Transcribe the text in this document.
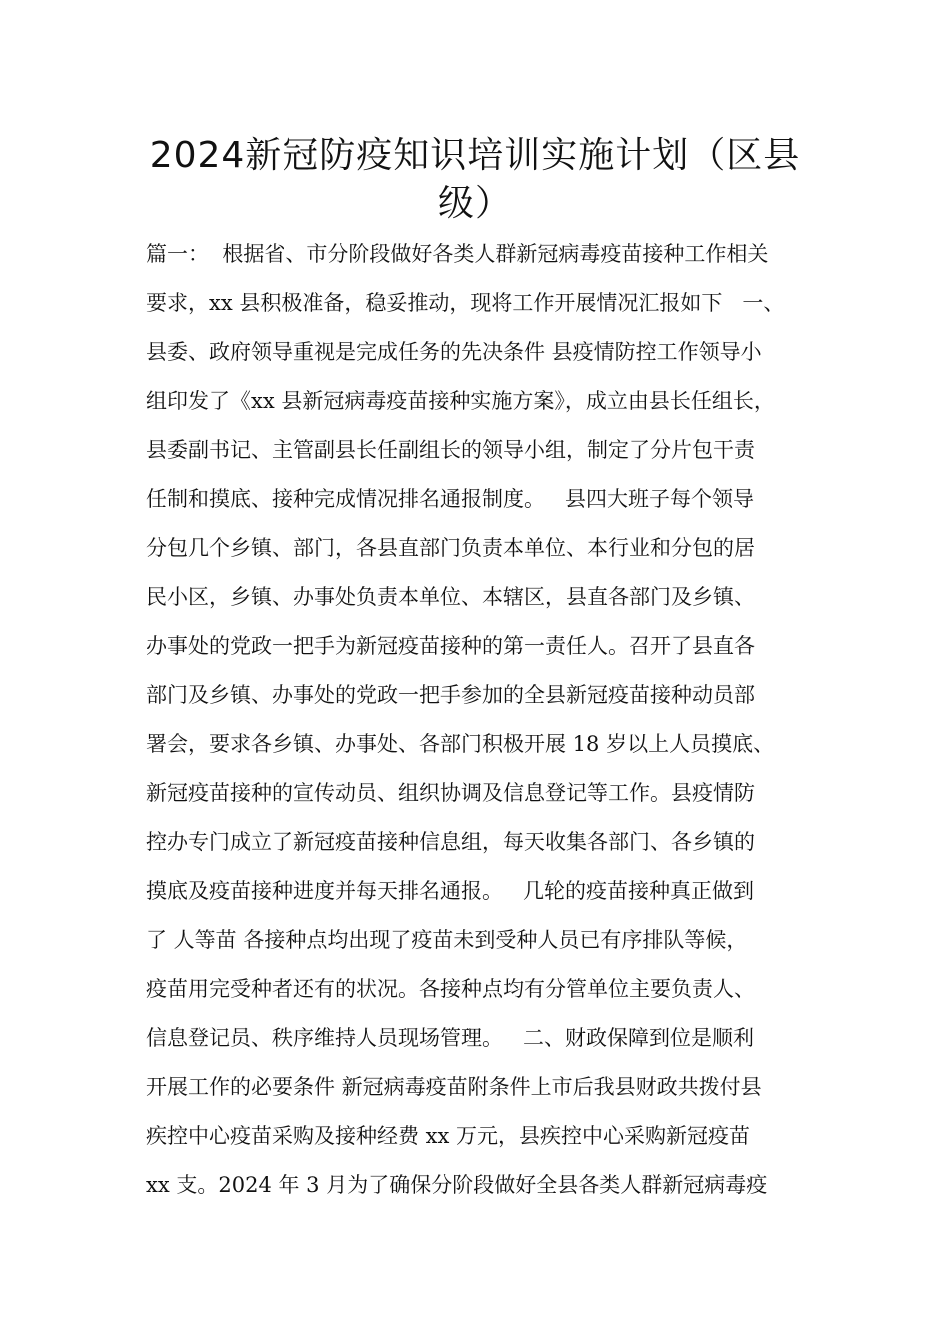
2024新冠防疫知识培训实施计划（区县
级）
篇一：  根据省、市分阶段做好各类人群新冠病毒疫苗接种工作相关
要求，xx 县积极准备，稳妥推动，现将工作开展情况汇报如下   一、
县委、政府领导重视是完成任务的先决条件 县疫情防控工作领导小
组印发了《xx 县新冠病毒疫苗接种实施方案》，成立由县长任组长，
县委副书记、主管副县长任副组长的领导小组，制定了分片包干责
任制和摸底、接种完成情况排名通报制度。   县四大班子每个领导
分包几个乡镇、部门，各县直部门负责本单位、本行业和分包的居
民小区，乡镇、办事处负责本单位、本辖区，县直各部门及乡镇、
办事处的党政一把手为新冠疫苗接种的第一责任人。召开了县直各
部门及乡镇、办事处的党政一把手参加的全县新冠疫苗接种动员部
署会，要求各乡镇、办事处、各部门积极开展 18 岁以上人员摸底、
新冠疫苗接种的宣传动员、组织协调及信息登记等工作。县疫情防
控办专门成立了新冠疫苗接种信息组，每天收集各部门、各乡镇的
摸底及疫苗接种进度并每天排名通报。   几轮的疫苗接种真正做到
了 人等苗 各接种点均出现了疫苗未到受种人员已有序排队等候，
疫苗用完受种者还有的状况。各接种点均有分管单位主要负责人、
信息登记员、秩序维持人员现场管理。   二、财政保障到位是顺利
开展工作的必要条件 新冠病毒疫苗附条件上市后我县财政共拨付县
疾控中心疫苗采购及接种经费 xx 万元，县疾控中心采购新冠疫苗
xx 支。2024 年 3 月为了确保分阶段做好全县各类人群新冠病毒疫
